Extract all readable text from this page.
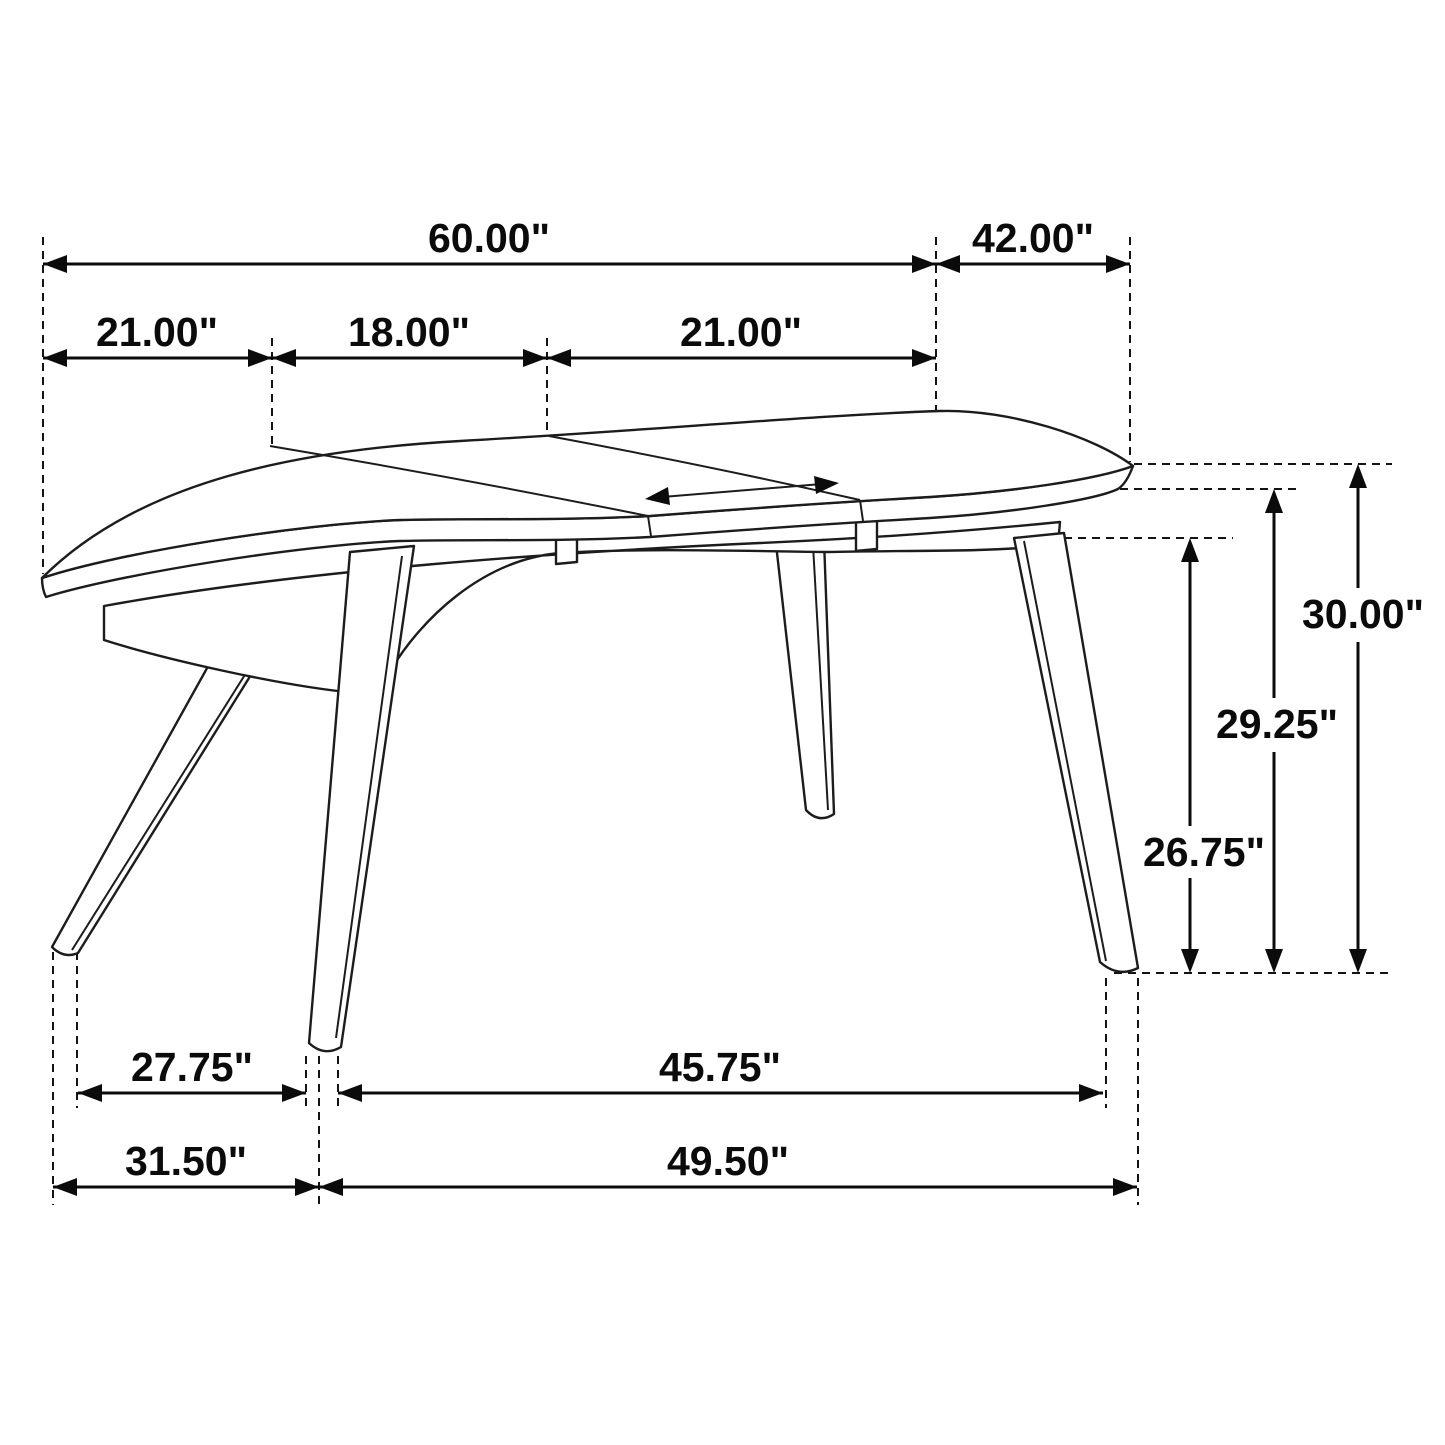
60.00"	42.00"
21.00"	18.00"	21.00"
30.00"
29.25"
26.75"
27.75"	45.75"
31.50"	49.50"
